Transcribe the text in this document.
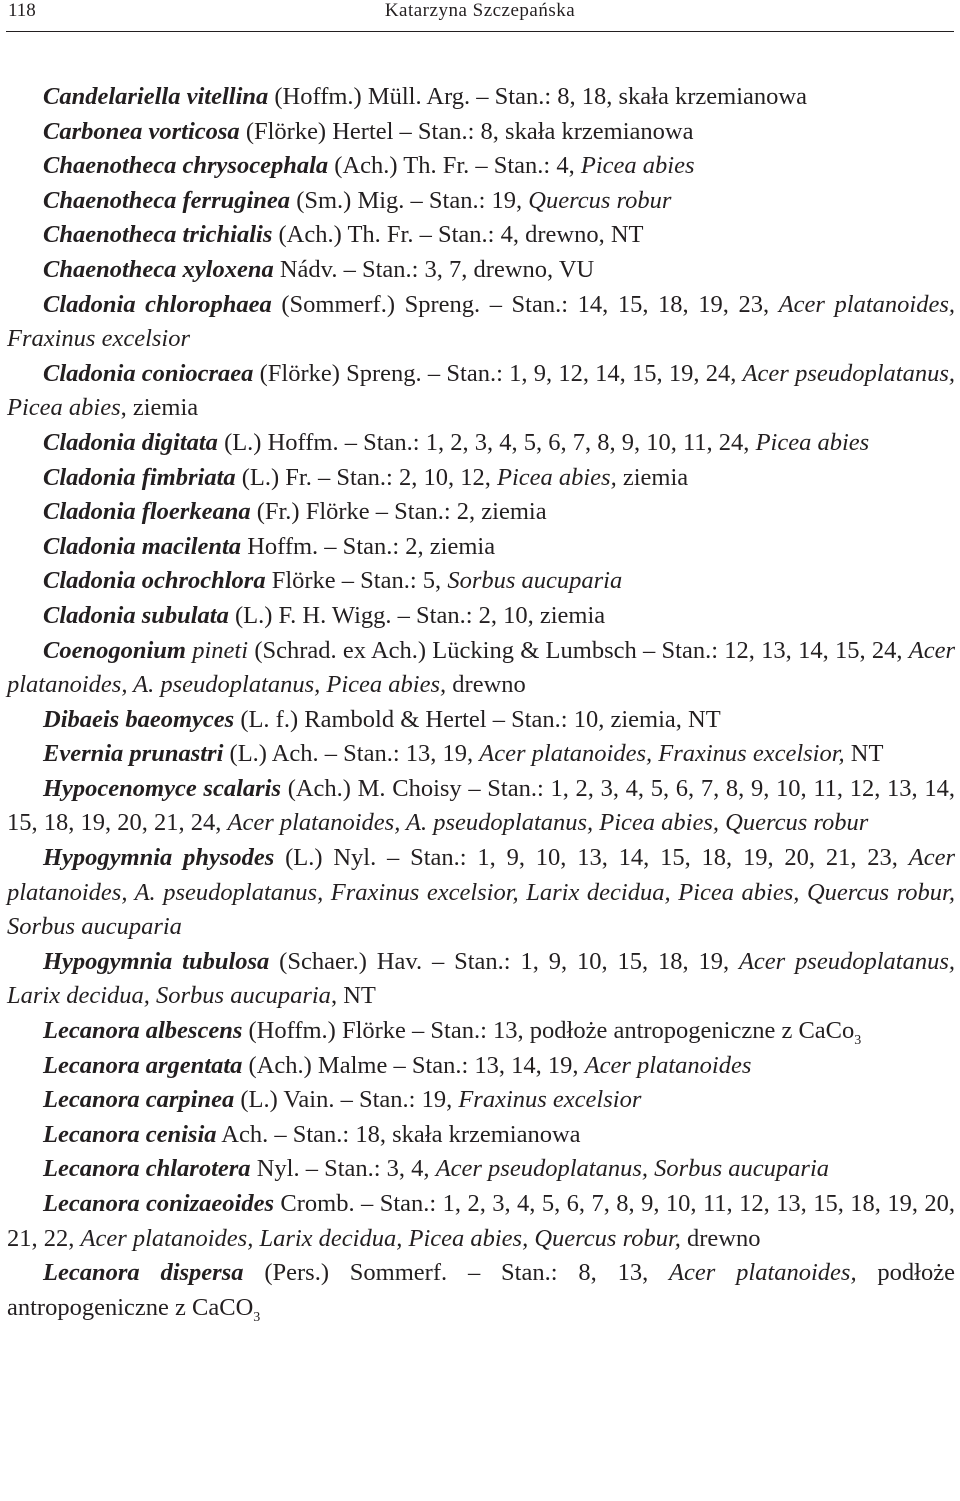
118	Katarzyna Szczepańska

Candelariella vitellina (Hoffm.) Müll. Arg. – Stan.: 8, 18, skała krzemianowa

Carbonea vorticosa (Flörke) Hertel – Stan.: 8, skała krzemianowa

Chaenotheca chrysocephala (Ach.) Th. Fr. – Stan.: 4, Picea abies

Chaenotheca ferruginea (Sm.) Mig. – Stan.: 19, Quercus robur

Chaenotheca trichialis (Ach.) Th. Fr. – Stan.: 4, drewno, NT

Chaenotheca xyloxena Nádv. – Stan.: 3, 7, drewno, VU

Cladonia chlorophaea (Sommerf.) Spreng. – Stan.: 14, 15, 18, 19, 23, Acer platanoides, Fraxinus excelsior

Cladonia coniocraea (Flörke) Spreng. – Stan.: 1, 9, 12, 14, 15, 19, 24, Acer pseudoplatanus, Picea abies, ziemia

Cladonia digitata (L.) Hoffm. – Stan.: 1, 2, 3, 4, 5, 6, 7, 8, 9, 10, 11, 24, Picea abies

Cladonia fimbriata (L.) Fr. – Stan.: 2, 10, 12, Picea abies, ziemia

Cladonia floerkeana (Fr.) Flörke – Stan.: 2, ziemia

Cladonia macilenta Hoffm. – Stan.: 2, ziemia

Cladonia ochrochlora Flörke – Stan.: 5, Sorbus aucuparia

Cladonia subulata (L.) F. H. Wigg. – Stan.: 2, 10, ziemia

Coenogonium pineti (Schrad. ex Ach.) Lücking & Lumbsch – Stan.: 12, 13, 14, 15, 24, Acer platanoides, A. pseudoplatanus, Picea abies, drewno

Dibaeis baeomyces (L. f.) Rambold & Hertel – Stan.: 10, ziemia, NT

Evernia prunastri (L.) Ach. – Stan.: 13, 19, Acer platanoides, Fraxinus excelsior, NT

Hypocenomyce scalaris (Ach.) M. Choisy – Stan.: 1, 2, 3, 4, 5, 6, 7, 8, 9, 10, 11, 12, 13, 14, 15, 18, 19, 20, 21, 24, Acer platanoides, A. pseudoplatanus, Picea abies, Quercus robur

Hypogymnia physodes (L.) Nyl. – Stan.: 1, 9, 10, 13, 14, 15, 18, 19, 20, 21, 23, Acer platanoides, A. pseudoplatanus, Fraxinus excelsior, Larix decidua, Picea abies, Quercus robur, Sorbus aucuparia

Hypogymnia tubulosa (Schaer.) Hav. – Stan.: 1, 9, 10, 15, 18, 19, Acer pseudoplatanus, Larix decidua, Sorbus aucuparia, NT

Lecanora albescens (Hoffm.) Flörke – Stan.: 13, podłoże antropogeniczne z CaCo$_3$

Lecanora argentata (Ach.) Malme – Stan.: 13, 14, 19, Acer platanoides

Lecanora carpinea (L.) Vain. – Stan.: 19, Fraxinus excelsior

Lecanora cenisia Ach. – Stan.: 18, skała krzemianowa

Lecanora chlarotera Nyl. – Stan.: 3, 4, Acer pseudoplatanus, Sorbus aucuparia

Lecanora conizaeoides Cromb. – Stan.: 1, 2, 3, 4, 5, 6, 7, 8, 9, 10, 11, 12, 13, 15, 18, 19, 20, 21, 22, Acer platanoides, Larix decidua, Picea abies, Quercus robur, drewno

Lecanora dispersa (Pers.) Sommerf. – Stan.: 8, 13, Acer platanoides, podłoże antropogeniczne z CaCO$_3$
